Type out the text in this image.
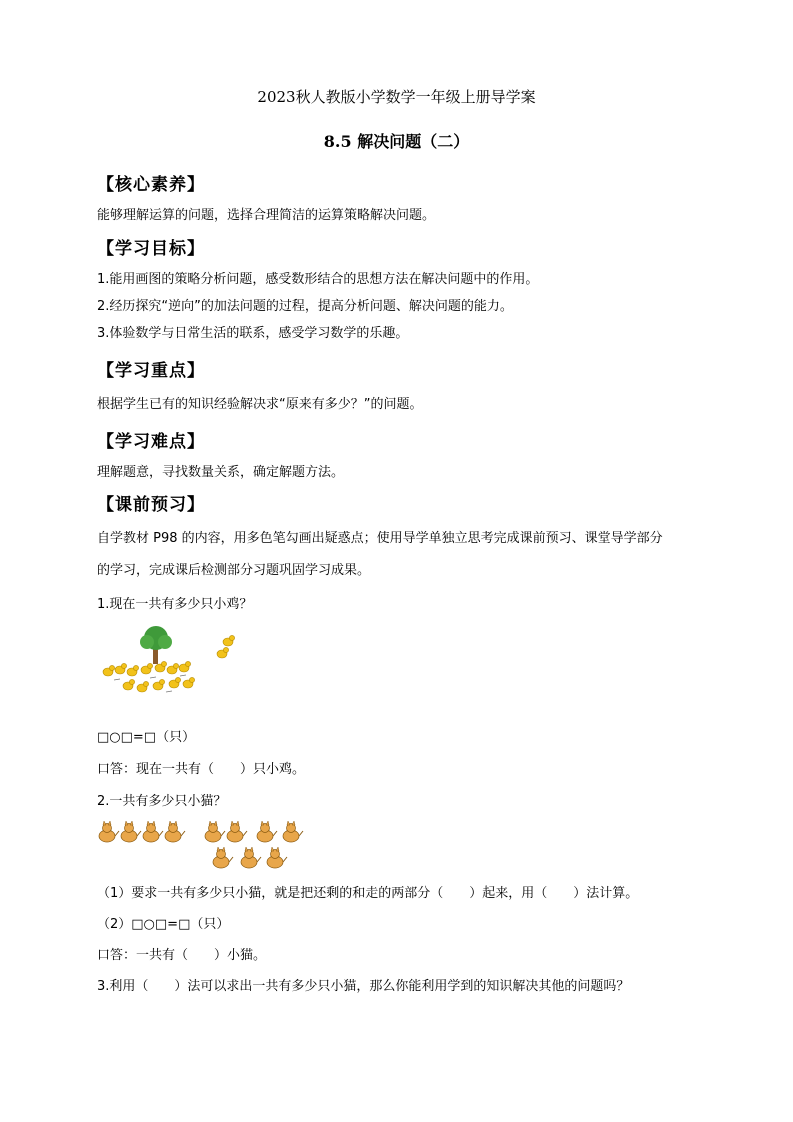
2023秋人教版小学数学一年级上册导学案
8.5 解决问题（二）
【核心素养】
能够理解运算的问题，选择合理简洁的运算策略解决问题。
【学习目标】
1.能用画图的策略分析问题，感受数形结合的思想方法在解决问题中的作用。
2.经历探究“逆向”的加法问题的过程，提高分析问题、解决问题的能力。
3.体验数学与日常生活的联系，感受学习数学的乐趣。
【学习重点】
根据学生已有的知识经验解决求“原来有多少？”的问题。
【学习难点】
理解题意，寻找数量关系，确定解题方法。
【课前预习】
自学教材 P98 的内容，用多色笔勾画出疑惑点；使用导学单独立思考完成课前预习、课堂导学部分
的学习，完成课后检测部分习题巩固学习成果。
1.现在一共有多少只小鸡？
□○□=□（只）
口答：现在一共有（　　）只小鸡。
2.一共有多少只小猫？
（1）要求一共有多少只小猫，就是把还剩的和走的两部分（　　）起来，用（　　）法计算。
（2）□○□=□（只）
口答：一共有（　　）小猫。
3.利用（　　）法可以求出一共有多少只小猫，那么你能利用学到的知识解决其他的问题吗？
